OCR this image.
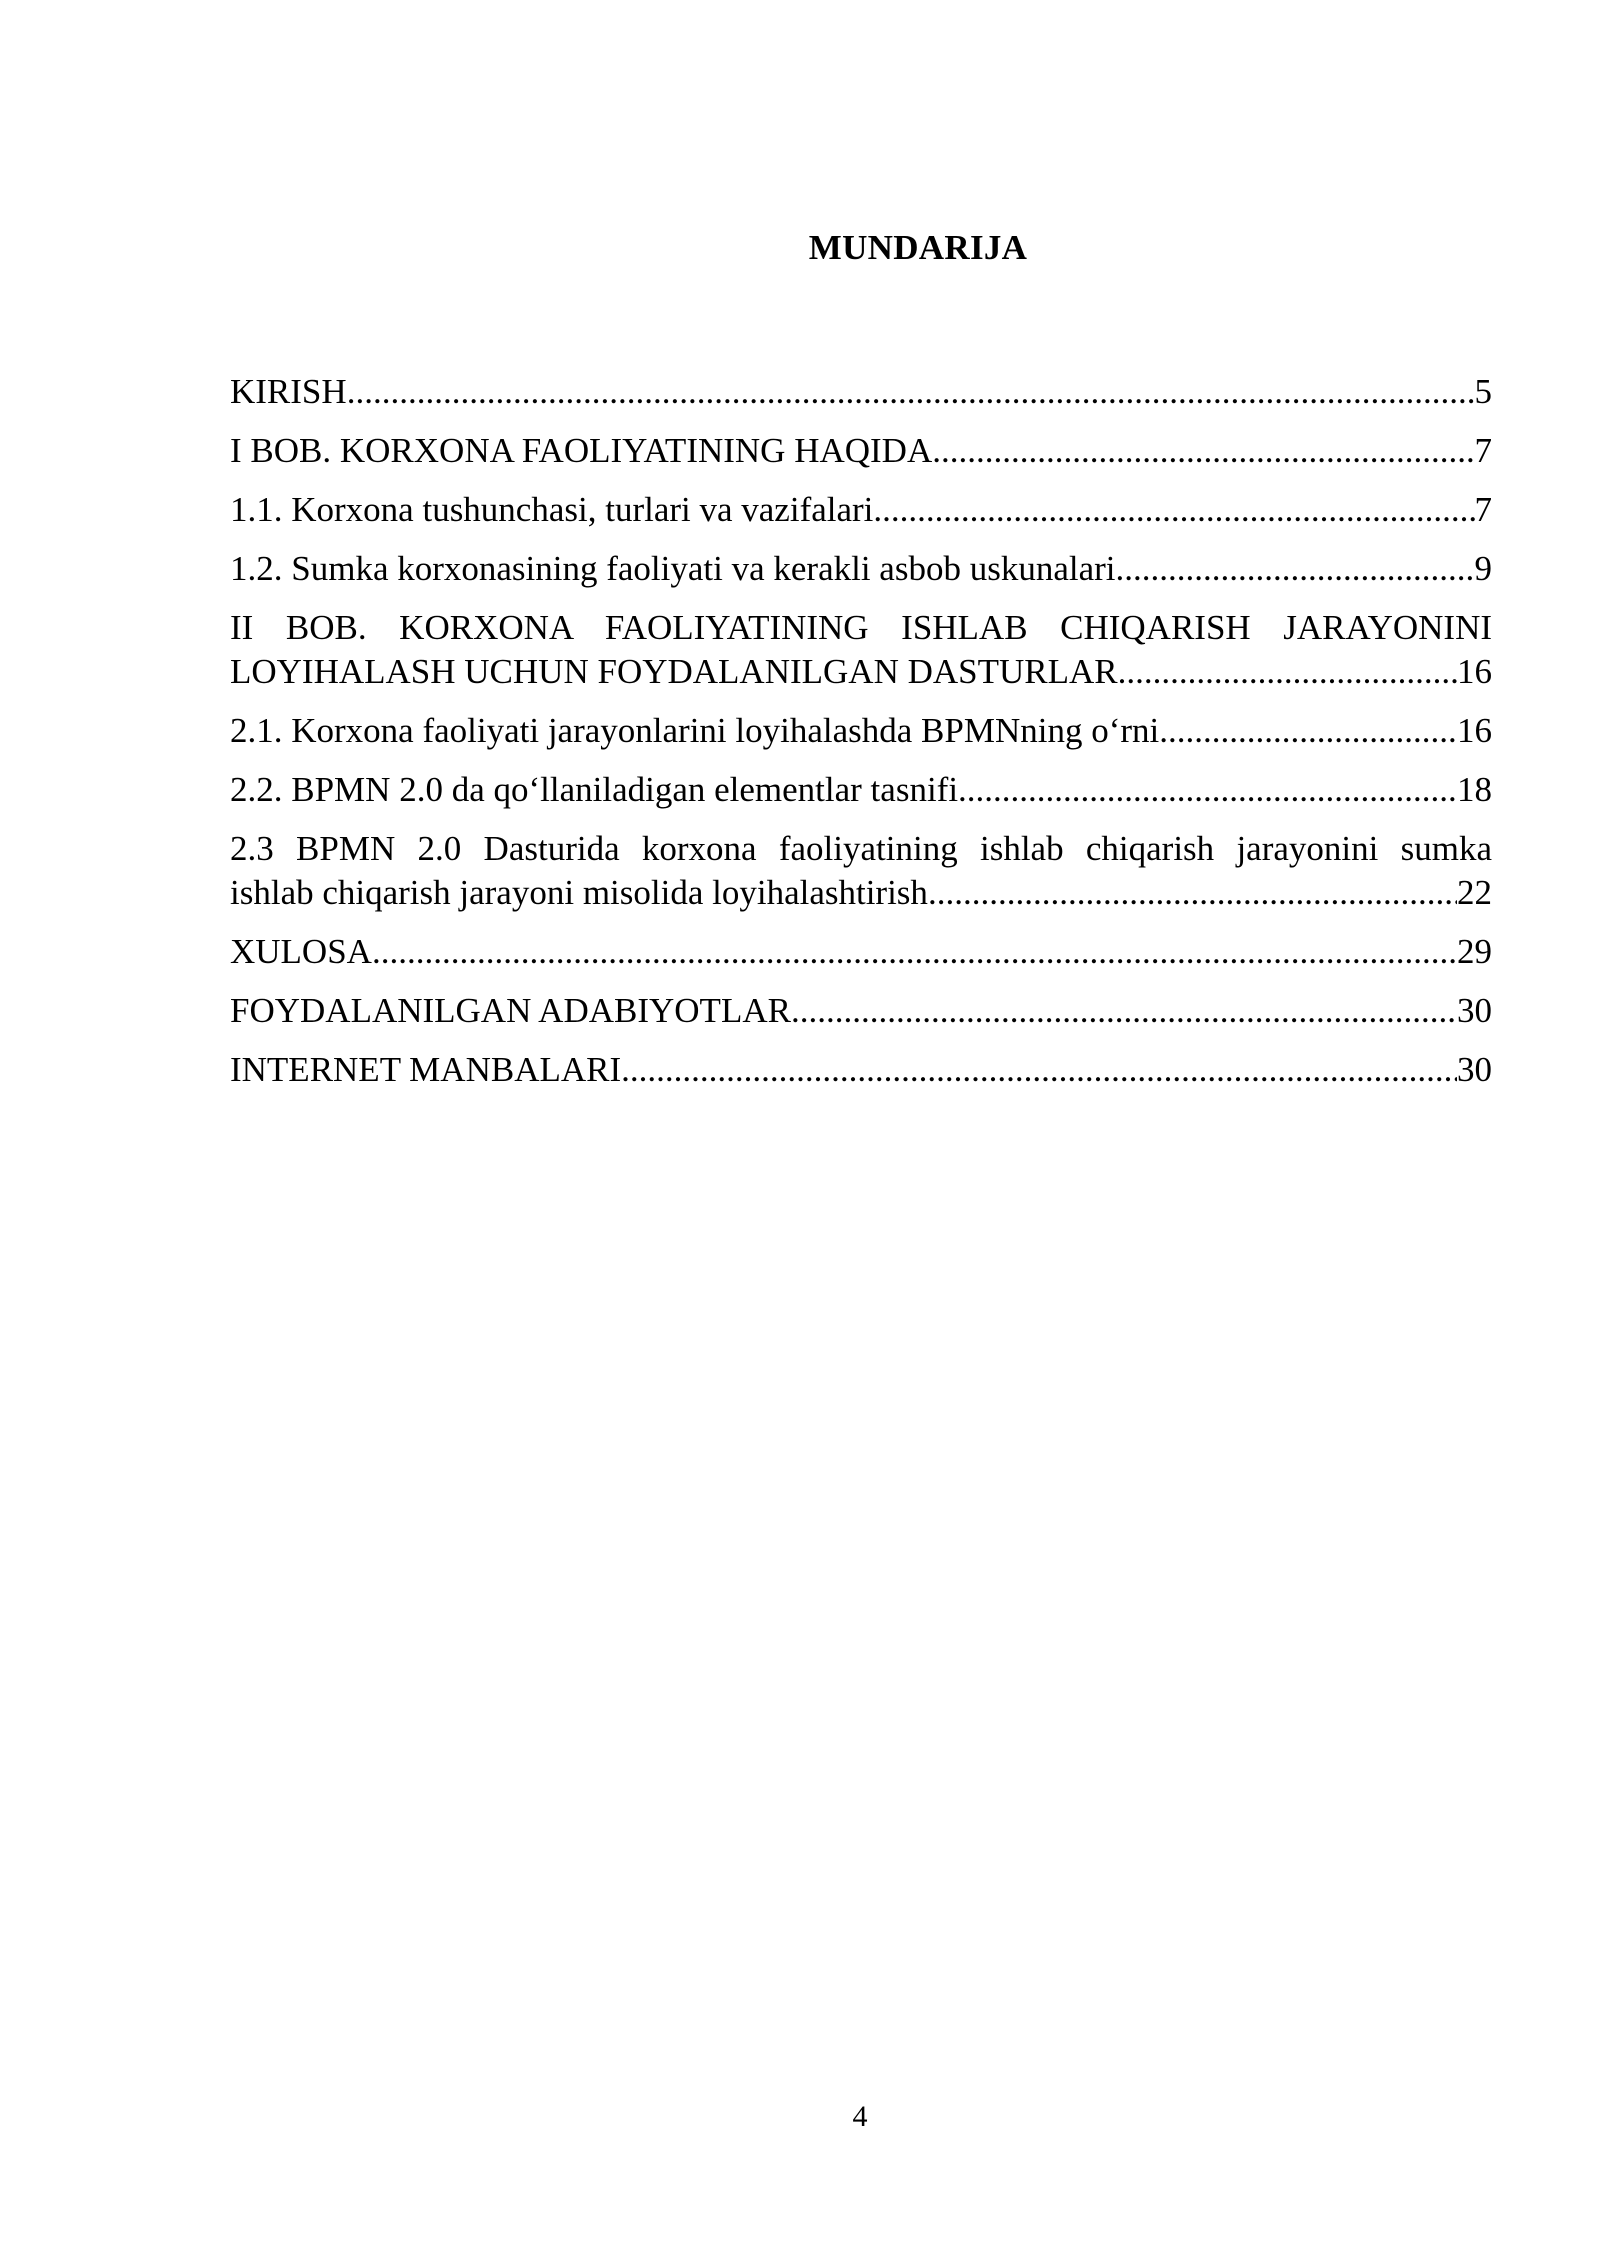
MUNDARIJA
KIRISH .....	5
I BOB. KORXONA FAOLIYATINING HAQIDA .....	7
1.1. Korxona tushunchasi, turlari va vazifalari .....	7
1.2. Sumka korxonasining faoliyati va kerakli asbob uskunalari .....	9
II BOB. KORXONA FAOLIYATINING ISHLAB CHIQARISH JARAYONINI
LOYIHALASH UCHUN FOYDALANILGAN DASTURLAR .....	16
2.1. Korxona faoliyati jarayonlarini loyihalashda BPMNning o‘rni .....	16
2.2. BPMN 2.0 da qo‘llaniladigan elementlar tasnifi .....	18
2.3 BPMN 2.0 Dasturida korxona faoliyatining ishlab chiqarish jarayonini sumka
ishlab chiqarish jarayoni misolida loyihalashtirish .....	22
XULOSA .....	29
FOYDALANILGAN ADABIYOTLAR .....	30
INTERNET MANBALARI .....	30
4
